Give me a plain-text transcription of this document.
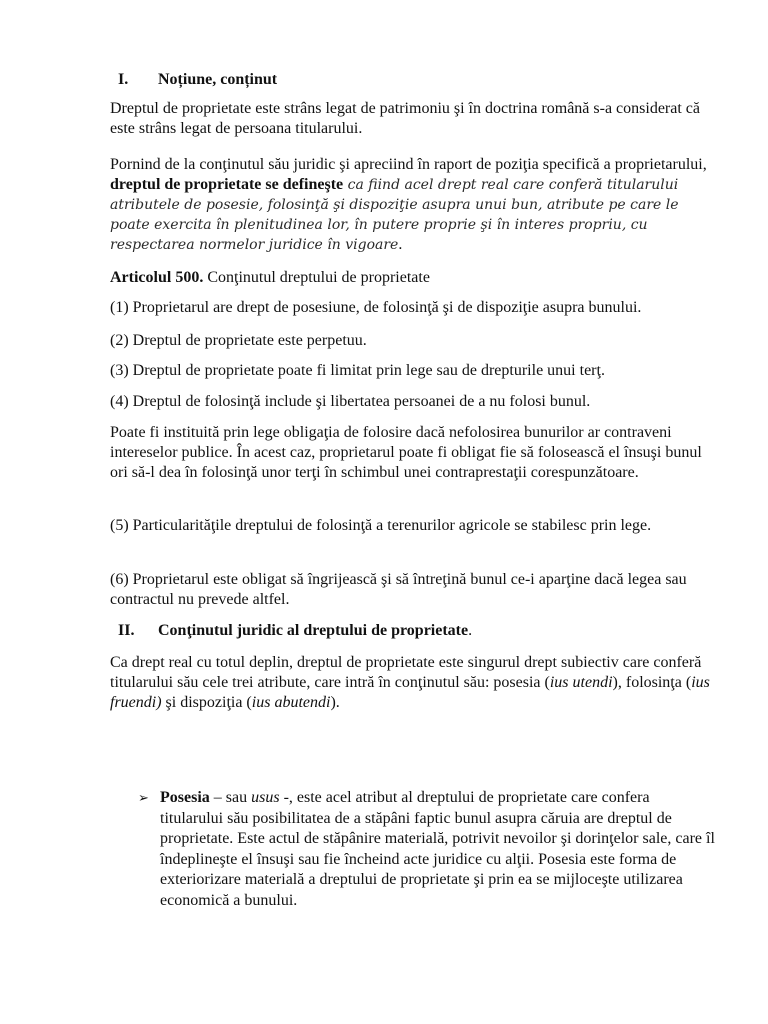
I. Noțiune, conținut

Dreptul de proprietate este strâns legat de patrimoniu şi în doctrina română s-a considerat că este strâns legat de persoana titularului.

Pornind de la conţinutul său juridic şi apreciind în raport de poziţia specifică a proprietarului, dreptul de proprietate se defineşte ca fiind acel drept real care conferă titularului atributele de posesie, folosinţă şi dispoziţie asupra unui bun, atribute pe care le poate exercita în plenitudinea lor, în putere proprie şi în interes propriu, cu respectarea normelor juridice în vigoare.

Articolul 500. Conţinutul dreptului de proprietate

(1) Proprietarul are drept de posesiune, de folosinţă şi de dispoziţie asupra bunului.

(2) Dreptul de proprietate este perpetuu.

(3) Dreptul de proprietate poate fi limitat prin lege sau de drepturile unui terţ.

(4) Dreptul de folosinţă include şi libertatea persoanei de a nu folosi bunul.

Poate fi instituită prin lege obligaţia de folosire dacă nefolosirea bunurilor ar contraveni intereselor publice. În acest caz, proprietarul poate fi obligat fie să folosească el însuşi bunul ori să-l dea în folosinţă unor terţi în schimbul unei contraprestaţii corespunzătoare.

(5) Particularităţile dreptului de folosinţă a terenurilor agricole se stabilesc prin lege.

(6) Proprietarul este obligat să îngrijească şi să întreţină bunul ce-i aparţine dacă legea sau contractul nu prevede altfel.

II. Conţinutul juridic al dreptului de proprietate.

Ca drept real cu totul deplin, dreptul de proprietate este singurul drept subiectiv care conferă titularului său cele trei atribute, care intră în conţinutul său: posesia (ius utendi), folosinţa (ius fruendi) şi dispoziţia (ius abutendi).

➢ Posesia – sau usus -, este acel atribut al dreptului de proprietate care confera titularului său posibilitatea de a stăpâni faptic bunul asupra căruia are dreptul de proprietate. Este actul de stăpânire materială, potrivit nevoilor şi dorinţelor sale, care îl îndeplineşte el însuşi sau fie încheind acte juridice cu alţii. Posesia este forma de exteriorizare materială a dreptului de proprietate şi prin ea se mijloceşte utilizarea economică a bunului.
